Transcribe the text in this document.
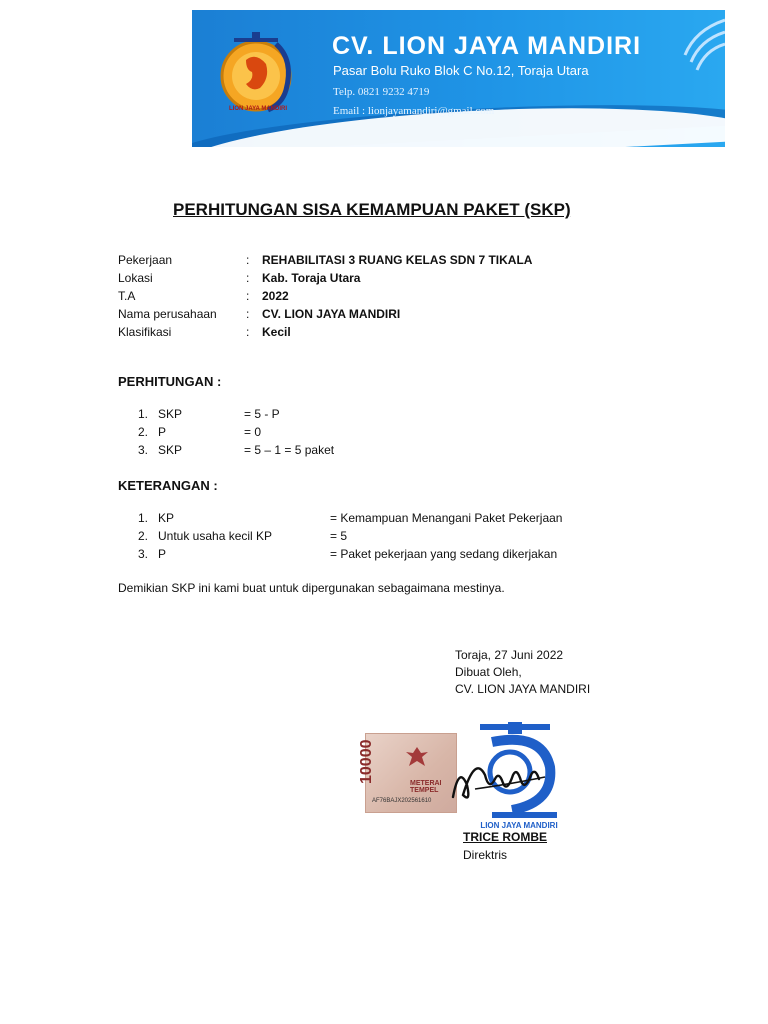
LION JAYA MANDIRI
CV. LION JAYA MANDIRI
Pasar Bolu Ruko Blok C No.12, Toraja Utara
Telp. 0821 9232 4719
Email : lionjayamandiri@gmail.com
PERHITUNGAN SISA KEMAMPUAN PAKET (SKP)
Pekerjaan	: REHABILITASI 3 RUANG KELAS SDN 7 TIKALA
Lokasi	: Kab. Toraja Utara
T.A	: 2022
Nama perusahaan : CV. LION JAYA MANDIRI
Klasifikasi	: Kecil
PERHITUNGAN :
1. SKP	= 5 - P
2. P	= 0
3. SKP	= 5 – 1 = 5 paket
KETERANGAN :
1. KP	= Kemampuan Menangani Paket Pekerjaan
2. Untuk usaha kecil KP	= 5
3. P	= Paket pekerjaan yang sedang dikerjakan
Demikian SKP ini kami buat untuk dipergunakan sebagaimana mestinya.
Toraja, 27 Juni 2022
Dibuat Oleh,
CV. LION JAYA MANDIRI
10000	METERAI TEMPEL
AF76BAJX202561610
LION JAYA MANDIRI
TRICE ROMBE
Direktris
